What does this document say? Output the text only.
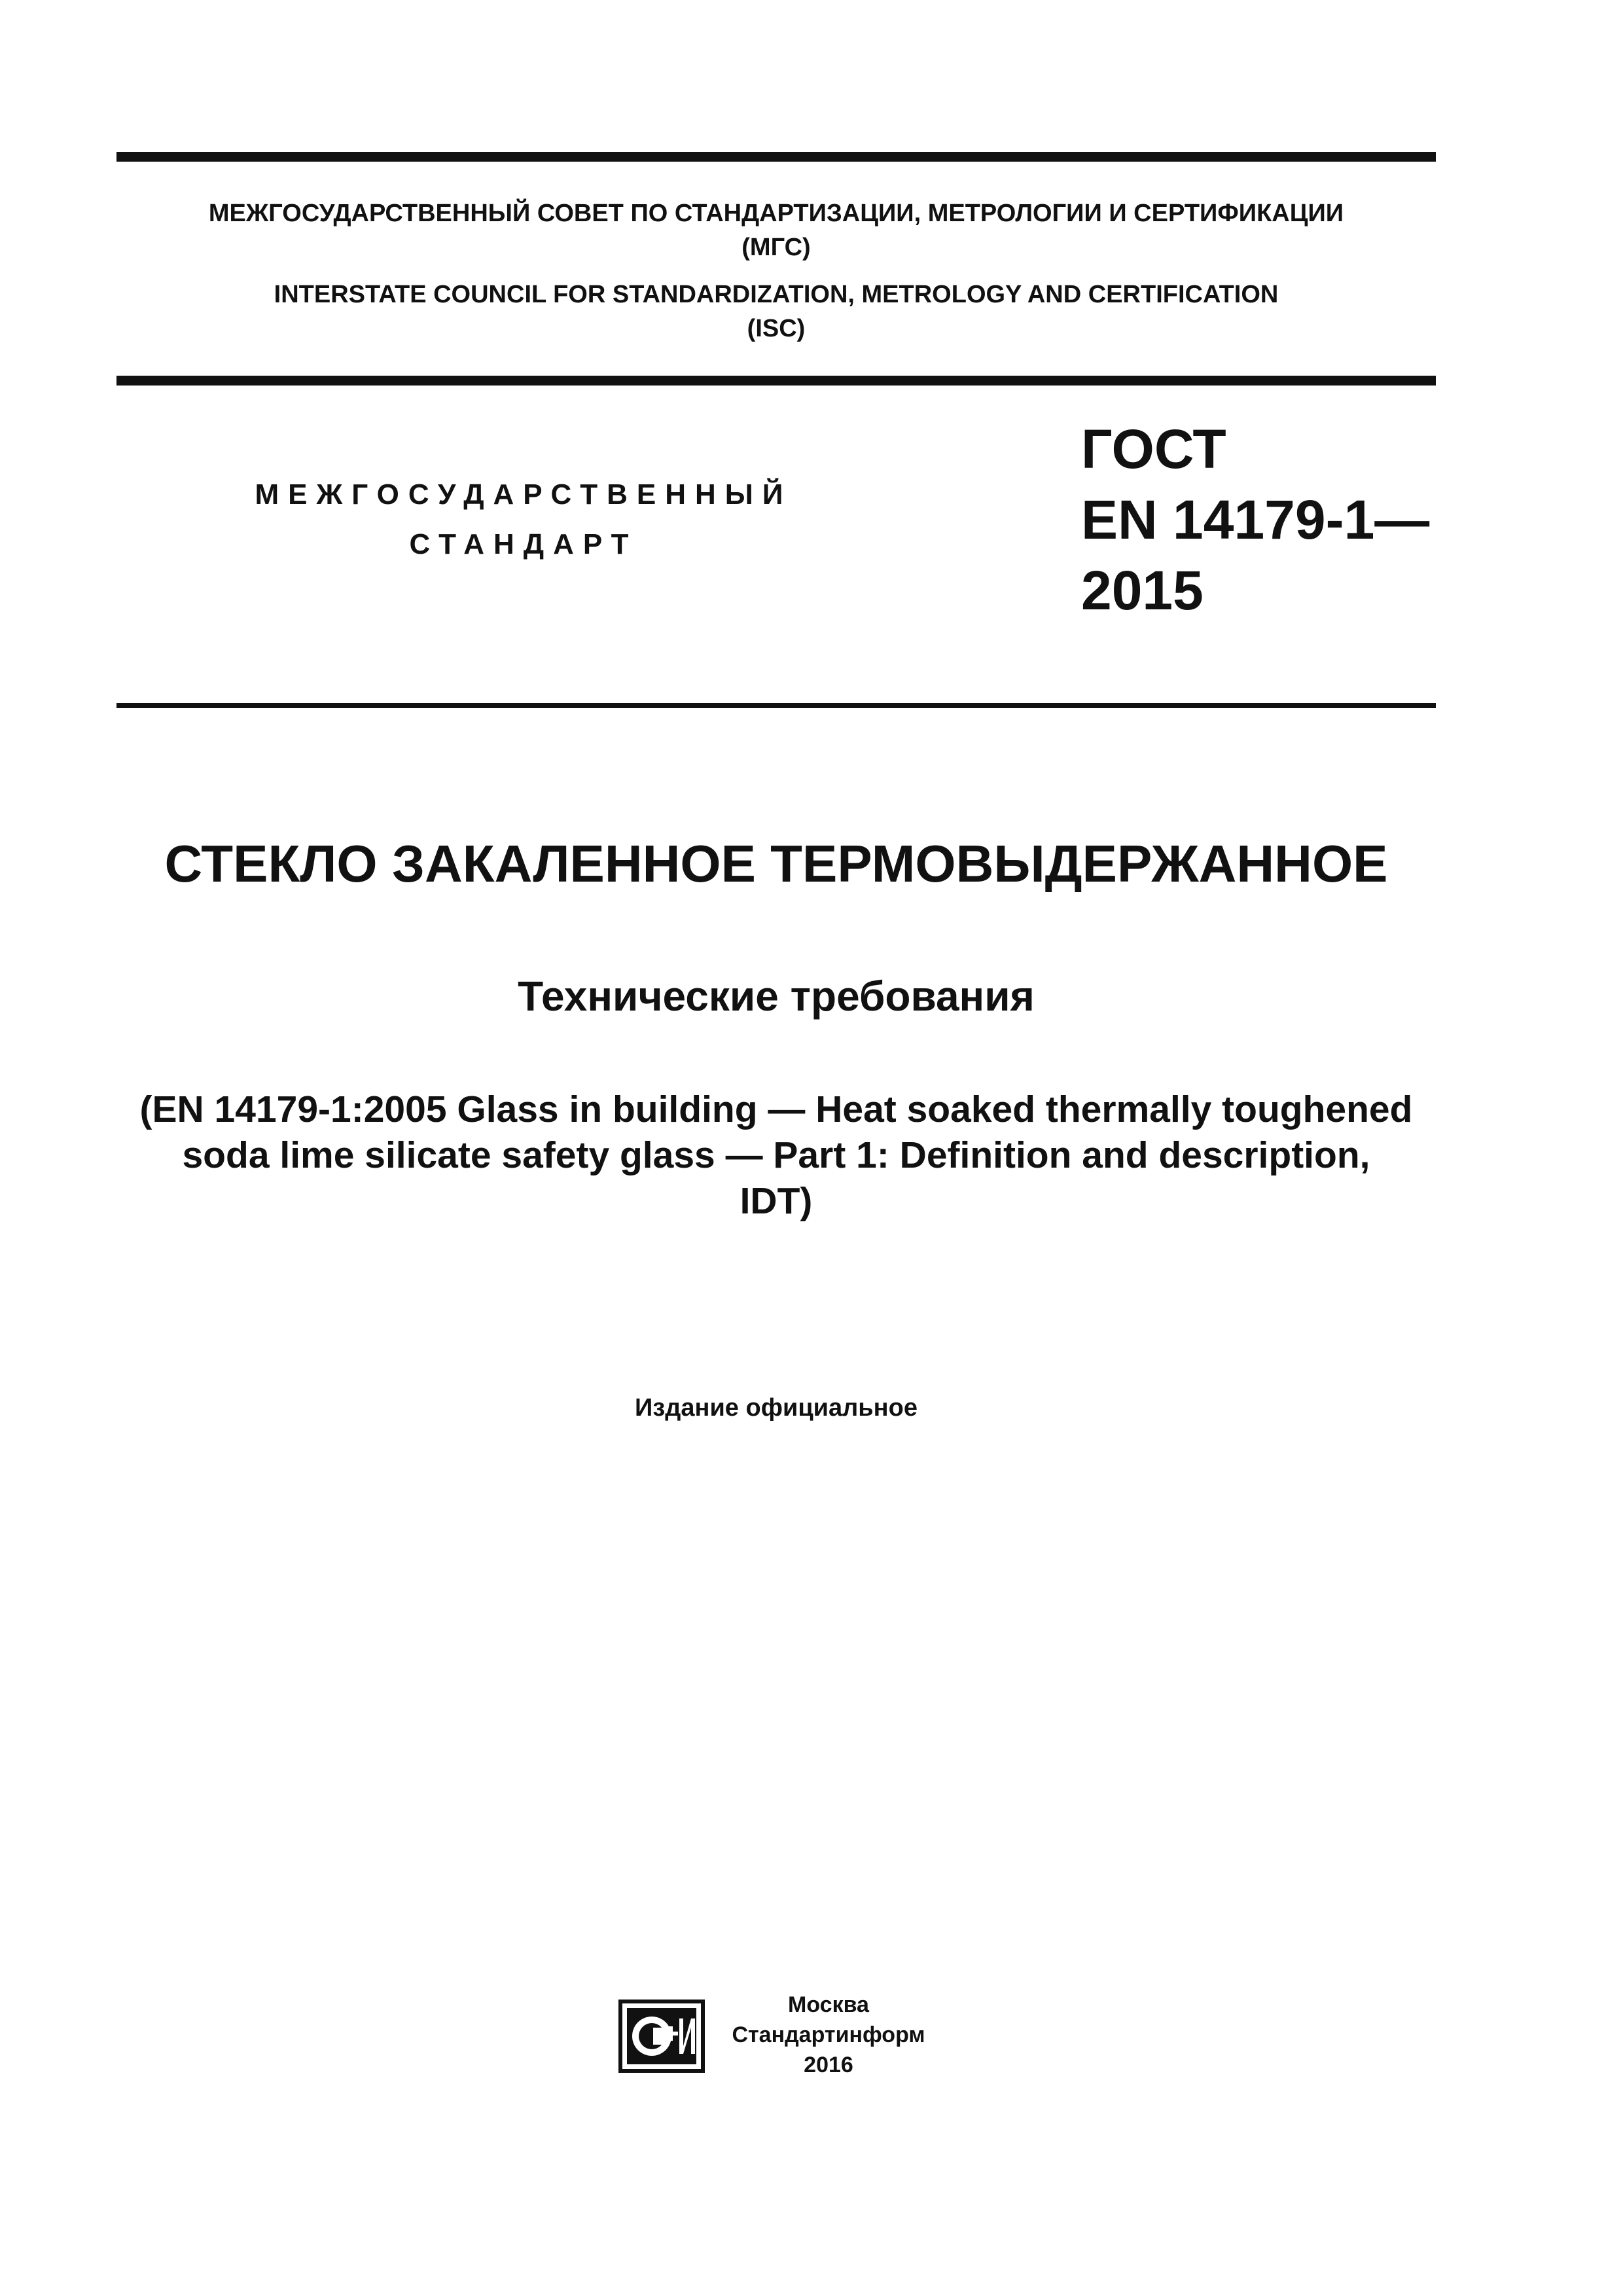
МЕЖГОСУДАРСТВЕННЫЙ СОВЕТ ПО СТАНДАРТИЗАЦИИ, МЕТРОЛОГИИ И СЕРТИФИКАЦИИ
(МГС)
INTERSTATE COUNCIL FOR STANDARDIZATION, METROLOGY AND CERTIFICATION
(ISC)
МЕЖГОСУДАРСТВЕННЫЙ
СТАНДАРТ
ГОСТ
EN 14179-1—
2015
СТЕКЛО ЗАКАЛЕННОЕ ТЕРМОВЫДЕРЖАННОЕ
Технические требования
(EN 14179-1:2005 Glass in building — Heat soaked thermally toughened
soda lime silicate safety glass — Part 1: Definition and description,
IDT)
Издание официальное
Москва
Стандартинформ
2016
